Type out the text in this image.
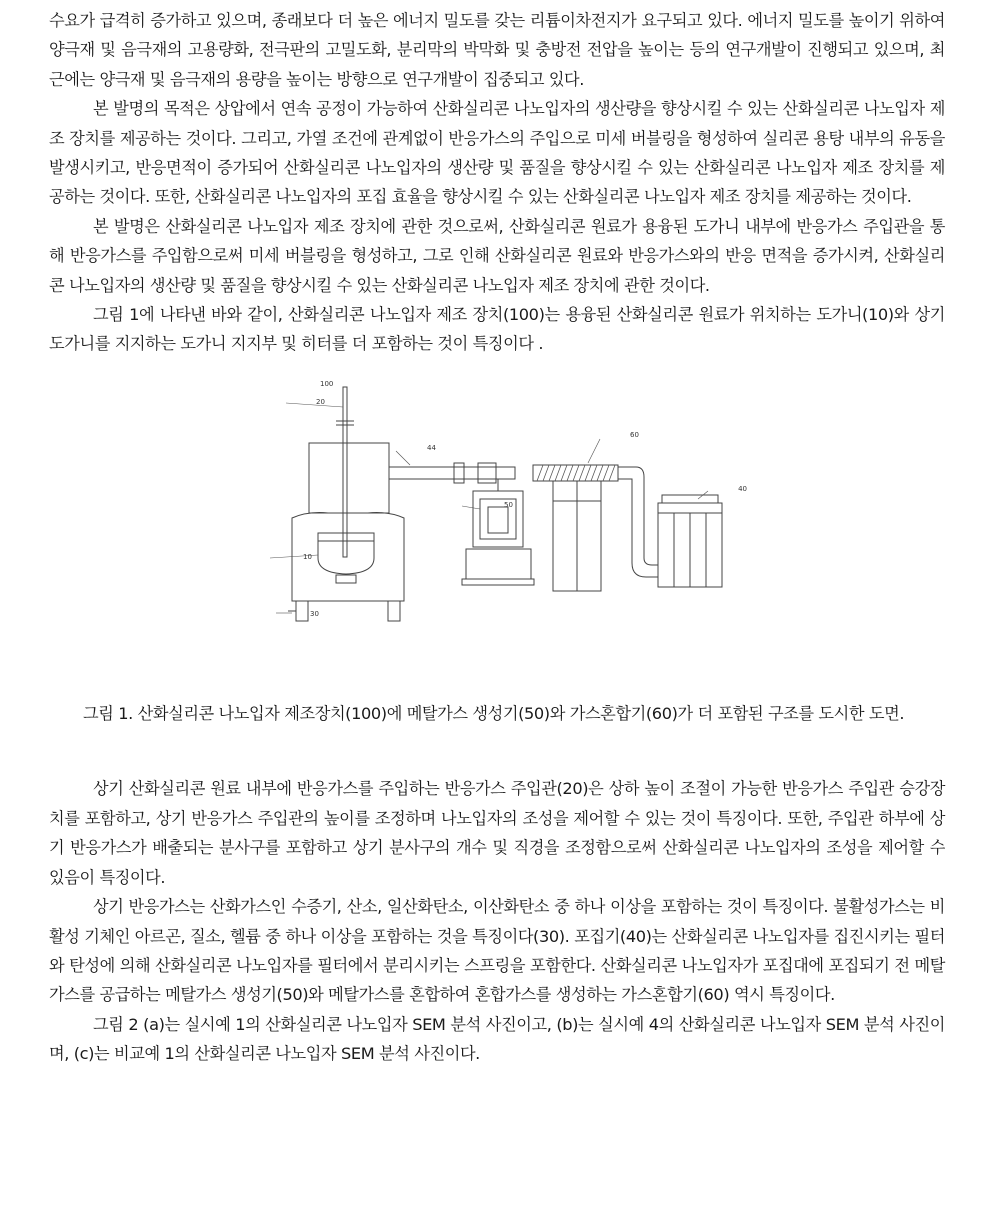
수요가 급격히 증가하고 있으며, 종래보다 더 높은 에너지 밀도를 갖는 리튬이차전지가 요구되고 있다. 에너지 밀도를 높이기 위하여 양극재 및 음극재의 고용량화, 전극판의 고밀도화, 분리막의 박막화 및 충방전 전압을 높이는 등의 연구개발이 진행되고 있으며, 최근에는 양극재 및 음극재의 용량을 높이는 방향으로 연구개발이 집중되고 있다.

본 발명의 목적은 상압에서 연속 공정이 가능하여 산화실리콘 나노입자의 생산량을 향상시킬 수 있는 산화실리콘 나노입자 제조 장치를 제공하는 것이다. 그리고, 가열 조건에 관계없이 반응가스의 주입으로 미세 버블링을 형성하여 실리콘 용탕 내부의 유동을 발생시키고, 반응면적이 증가되어 산화실리콘 나노입자의 생산량 및 품질을 향상시킬 수 있는 산화실리콘 나노입자 제조 장치를 제공하는 것이다. 또한, 산화실리콘 나노입자의 포집 효율을 향상시킬 수 있는 산화실리콘 나노입자 제조 장치를 제공하는 것이다.

본 발명은 산화실리콘 나노입자 제조 장치에 관한 것으로써, 산화실리콘 원료가 용융된 도가니 내부에 반응가스 주입관을 통해 반응가스를 주입함으로써 미세 버블링을 형성하고, 그로 인해 산화실리콘 원료와 반응가스와의 반응 면적을 증가시켜, 산화실리콘 나노입자의 생산량 및 품질을 향상시킬 수 있는 산화실리콘 나노입자 제조 장치에 관한 것이다.

그림 1에 나타낸 바와 같이, 산화실리콘 나노입자 제조 장치(100)는 용융된 산화실리콘 원료가 위치하는 도가니(10)와 상기 도가니를 지지하는 도가니 지지부 및 히터를 더 포함하는 것이 특징이다 .

100
20
44
60
50
40
10
30

그림 1. 산화실리콘 나노입자 제조장치(100)에 메탈가스 생성기(50)와 가스혼합기(60)가 더 포함된 구조를 도시한 도면.

상기 산화실리콘 원료 내부에 반응가스를 주입하는 반응가스 주입관(20)은 상하 높이 조절이 가능한 반응가스 주입관 승강장치를 포함하고, 상기 반응가스 주입관의 높이를 조정하며 나노입자의 조성을 제어할 수 있는 것이 특징이다. 또한, 주입관 하부에 상기 반응가스가 배출되는 분사구를 포함하고 상기 분사구의 개수 및 직경을 조정함으로써 산화실리콘 나노입자의 조성을 제어할 수 있음이 특징이다.

상기 반응가스는 산화가스인 수증기, 산소, 일산화탄소, 이산화탄소 중 하나 이상을 포함하는 것이 특징이다. 불활성가스는 비활성 기체인 아르곤, 질소, 헬륨 중 하나 이상을 포함하는 것을 특징이다(30). 포집기(40)는 산화실리콘 나노입자를 집진시키는 필터와 탄성에 의해 산화실리콘 나노입자를 필터에서 분리시키는 스프링을 포함한다. 산화실리콘 나노입자가 포집대에 포집되기 전 메탈가스를 공급하는 메탈가스 생성기(50)와 메탈가스를 혼합하여 혼합가스를 생성하는 가스혼합기(60) 역시 특징이다.

그림 2 (a)는 실시예 1의 산화실리콘 나노입자 SEM 분석 사진이고, (b)는 실시예 4의 산화실리콘 나노입자 SEM 분석 사진이며, (c)는 비교예 1의 산화실리콘 나노입자 SEM 분석 사진이다.
